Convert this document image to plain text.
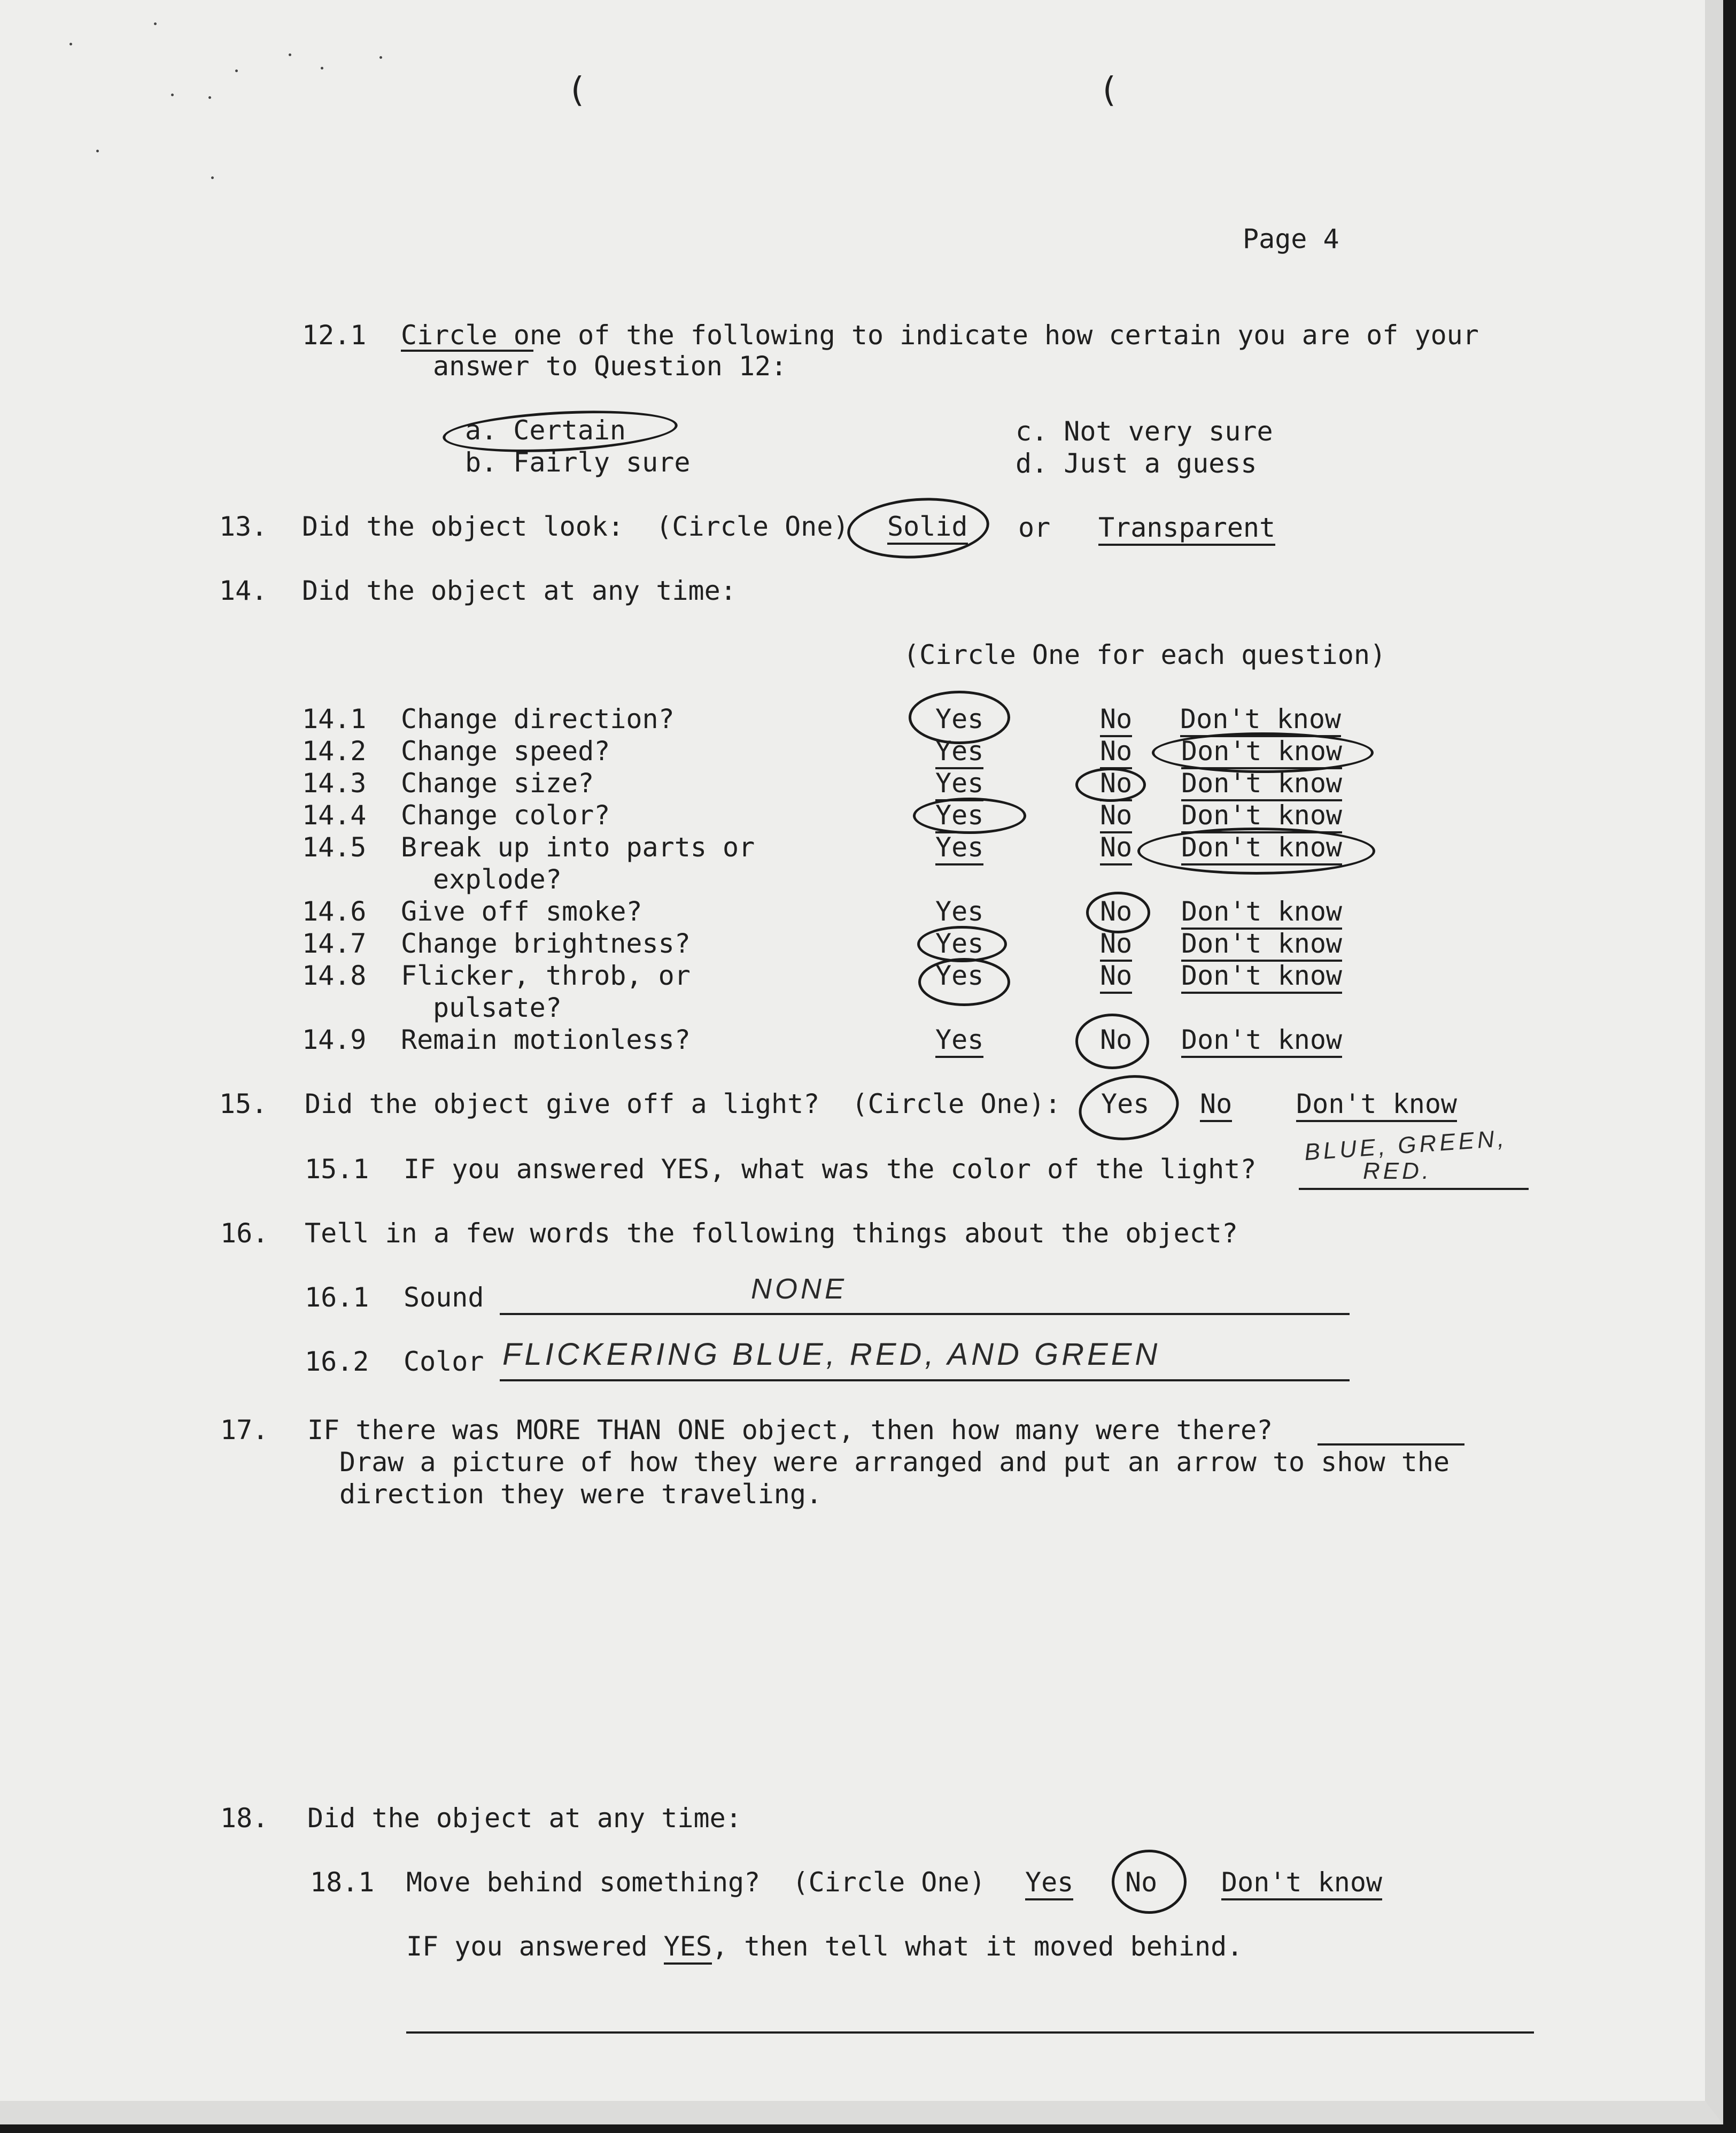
(	(
Page 4
12.1 Circle one of the following to indicate how certain you are of your
answer to Question 12:
a. Certain
b. Fairly sure
c. Not very sure
d. Just a guess
13. Did the object look:  (Circle One) Solid or Transparent
14. Did the object at any time:
(Circle One for each question)
14.1 Change direction?	Yes	No Don't know
14.2 Change speed?	Yes	No Don't know
14.3 Change size?	Yes	No Don't know
14.4 Change color?	Yes	No Don't know
14.5 Break up into parts or
explode?
Yes	No Don't know
14.6 Give off smoke?	Yes	No Don't know
14.7 Change brightness?	Yes	No Don't know
14.8 Flicker, throb, or
pulsate?
Yes	No Don't know
14.9 Remain motionless?	Yes	No Don't know
15. Did the object give off a light?  (Circle One): Yes No Don't know
15.1 IF you answered YES, what was the color of the light?
BLUE, GREEN,
RED.
16. Tell in a few words the following things about the object?
16.1 Sound	NONE
16.2 Color FLICKERING BLUE, RED, AND GREEN
17. IF there was MORE THAN ONE object, then how many were there?
Draw a picture of how they were arranged and put an arrow to show the
direction they were traveling.
18. Did the object at any time:
18.1 Move behind something?  (Circle One) Yes No Don't know
IF you answered YES, then tell what it moved behind.
